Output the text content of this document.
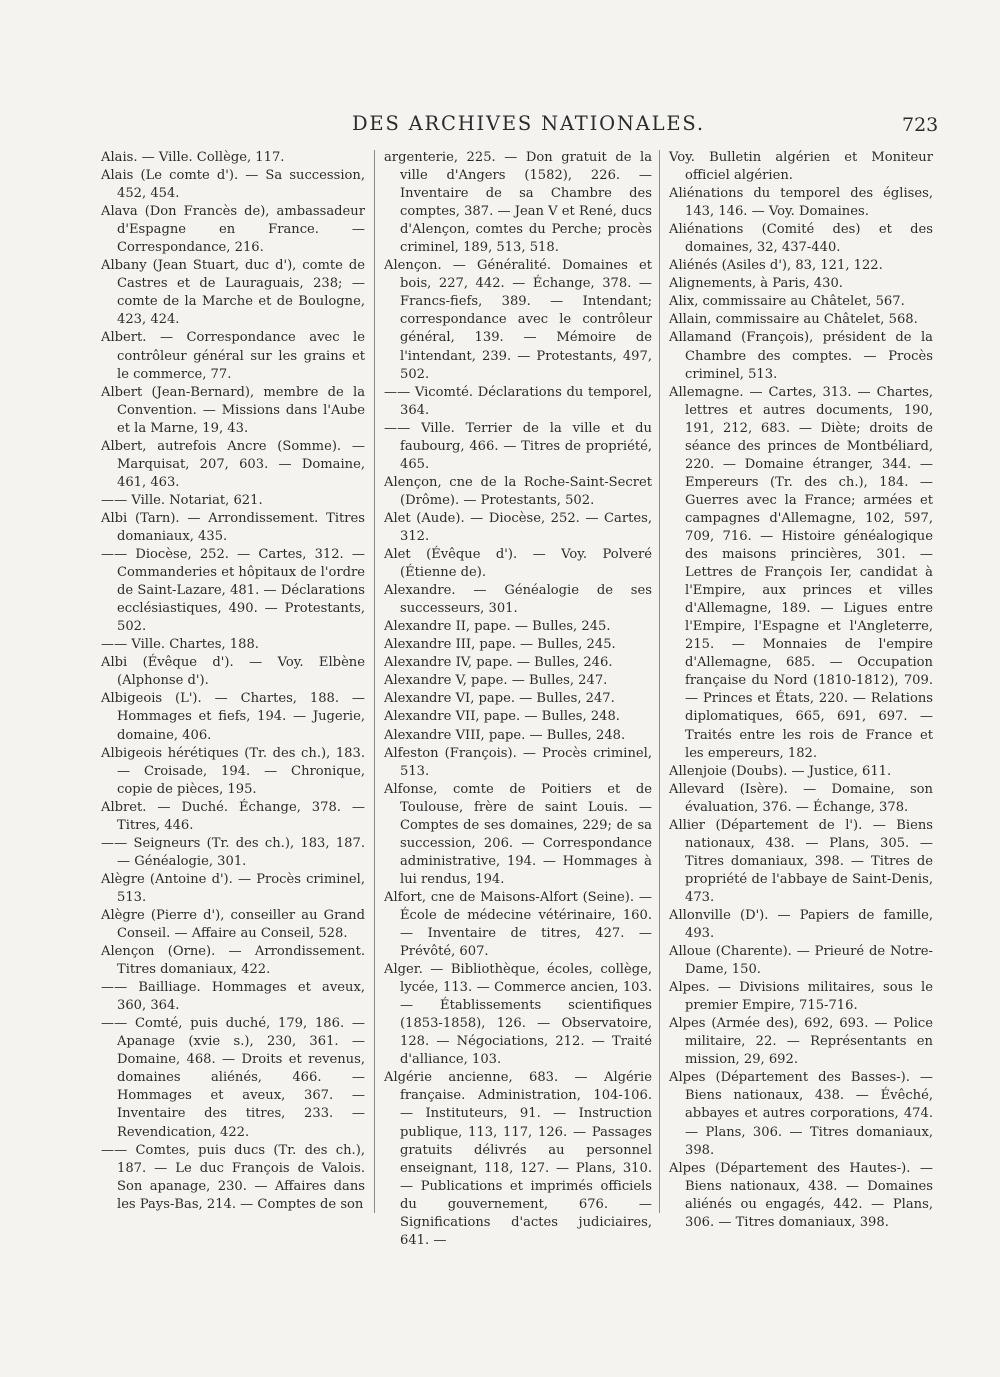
DES ARCHIVES NATIONALES.	723

Alais. — Ville. Collège, 117.

Alais (Le comte d'). — Sa succession, 452, 454.

Alava (Don Francès de), ambassadeur d'Espagne en France. — Correspondance, 216.

Albany (Jean Stuart, duc d'), comte de Castres et de Lauraguais, 238; — comte de la Marche et de Boulogne, 423, 424.

Albert. — Correspondance avec le contrôleur général sur les grains et le commerce, 77.

Albert (Jean-Bernard), membre de la Convention. — Missions dans l'Aube et la Marne, 19, 43.

Albert, autrefois Ancre (Somme). — Marquisat, 207, 603. — Domaine, 461, 463.

—— Ville. Notariat, 621.

Albi (Tarn). — Arrondissement. Titres domaniaux, 435.

—— Diocèse, 252. — Cartes, 312. — Commanderies et hôpitaux de l'ordre de Saint-Lazare, 481. — Déclarations ecclésiastiques, 490. — Protestants, 502.

—— Ville. Chartes, 188.

Albi (Évêque d'). — Voy. Elbène (Alphonse d').

Albigeois (L'). — Chartes, 188. — Hommages et fiefs, 194. — Jugerie, domaine, 406.

Albigeois hérétiques (Tr. des ch.), 183. — Croisade, 194. — Chronique, copie de pièces, 195.

Albret. — Duché. Échange, 378. — Titres, 446.

—— Seigneurs (Tr. des ch.), 183, 187. — Généalogie, 301.

Alègre (Antoine d'). — Procès criminel, 513.

Alègre (Pierre d'), conseiller au Grand Conseil. — Affaire au Conseil, 528.

Alençon (Orne). — Arrondissement. Titres domaniaux, 422.

—— Bailliage. Hommages et aveux, 360, 364.

—— Comté, puis duché, 179, 186. — Apanage (xvie s.), 230, 361. — Domaine, 468. — Droits et revenus, domaines aliénés, 466. — Hommages et aveux, 367. — Inventaire des titres, 233. — Revendication, 422.

—— Comtes, puis ducs (Tr. des ch.), 187. — Le duc François de Valois. Son apanage, 230. — Affaires dans les Pays-Bas, 214. — Comptes de son

argenterie, 225. — Don gratuit de la ville d'Angers (1582), 226. — Inventaire de sa Chambre des comptes, 387. — Jean V et René, ducs d'Alençon, comtes du Perche; procès criminel, 189, 513, 518.

Alençon. — Généralité. Domaines et bois, 227, 442. — Échange, 378. — Francs-fiefs, 389. — Intendant; correspondance avec le contrôleur général, 139. — Mémoire de l'intendant, 239. — Protestants, 497, 502.

—— Vicomté. Déclarations du temporel, 364.

—— Ville. Terrier de la ville et du faubourg, 466. — Titres de propriété, 465.

Alençon, cne de la Roche-Saint-Secret (Drôme). — Protestants, 502.

Alet (Aude). — Diocèse, 252. — Cartes, 312.

Alet (Évêque d'). — Voy. Polveré (Étienne de).

Alexandre. — Généalogie de ses successeurs, 301.

Alexandre II, pape. — Bulles, 245.

Alexandre III, pape. — Bulles, 245.

Alexandre IV, pape. — Bulles, 246.

Alexandre V, pape. — Bulles, 247.

Alexandre VI, pape. — Bulles, 247.

Alexandre VII, pape. — Bulles, 248.

Alexandre VIII, pape. — Bulles, 248.

Alfeston (François). — Procès criminel, 513.

Alfonse, comte de Poitiers et de Toulouse, frère de saint Louis. — Comptes de ses domaines, 229; de sa succession, 206. — Correspondance administrative, 194. — Hommages à lui rendus, 194.

Alfort, cne de Maisons-Alfort (Seine). — École de médecine vétérinaire, 160. — Inventaire de titres, 427. — Prévôté, 607.

Alger. — Bibliothèque, écoles, collège, lycée, 113. — Commerce ancien, 103. — Établissements scientifiques (1853-1858), 126. — Observatoire, 128. — Négociations, 212. — Traité d'alliance, 103.

Algérie ancienne, 683. — Algérie française. Administration, 104-106. — Instituteurs, 91. — Instruction publique, 113, 117, 126. — Passages gratuits délivrés au personnel enseignant, 118, 127. — Plans, 310. — Publications et imprimés officiels du gouvernement, 676. — Significations d'actes judiciaires, 641. —

Voy. Bulletin algérien et Moniteur officiel algérien.

Aliénations du temporel des églises, 143, 146. — Voy. Domaines.

Aliénations (Comité des) et des domaines, 32, 437-440.

Aliénés (Asiles d'), 83, 121, 122.

Alignements, à Paris, 430.

Alix, commissaire au Châtelet, 567.

Allain, commissaire au Châtelet, 568.

Allamand (François), président de la Chambre des comptes. — Procès criminel, 513.

Allemagne. — Cartes, 313. — Chartes, lettres et autres documents, 190, 191, 212, 683. — Diète; droits de séance des princes de Montbéliard, 220. — Domaine étranger, 344. — Empereurs (Tr. des ch.), 184. — Guerres avec la France; armées et campagnes d'Allemagne, 102, 597, 709, 716. — Histoire généalogique des maisons princières, 301. — Lettres de François Ier, candidat à l'Empire, aux princes et villes d'Allemagne, 189. — Ligues entre l'Empire, l'Espagne et l'Angleterre, 215. — Monnaies de l'empire d'Allemagne, 685. — Occupation française du Nord (1810-1812), 709. — Princes et États, 220. — Relations diplomatiques, 665, 691, 697. — Traités entre les rois de France et les empereurs, 182.

Allenjoie (Doubs). — Justice, 611.

Allevard (Isère). — Domaine, son évaluation, 376. — Échange, 378.

Allier (Département de l'). — Biens nationaux, 438. — Plans, 305. — Titres domaniaux, 398. — Titres de propriété de l'abbaye de Saint-Denis, 473.

Allonville (D'). — Papiers de famille, 493.

Alloue (Charente). — Prieuré de Notre-Dame, 150.

Alpes. — Divisions militaires, sous le premier Empire, 715-716.

Alpes (Armée des), 692, 693. — Police militaire, 22. — Représentants en mission, 29, 692.

Alpes (Département des Basses-). — Biens nationaux, 438. — Évêché, abbayes et autres corporations, 474. — Plans, 306. — Titres domaniaux, 398.

Alpes (Département des Hautes-). — Biens nationaux, 438. — Domaines aliénés ou engagés, 442. — Plans, 306. — Titres domaniaux, 398.
